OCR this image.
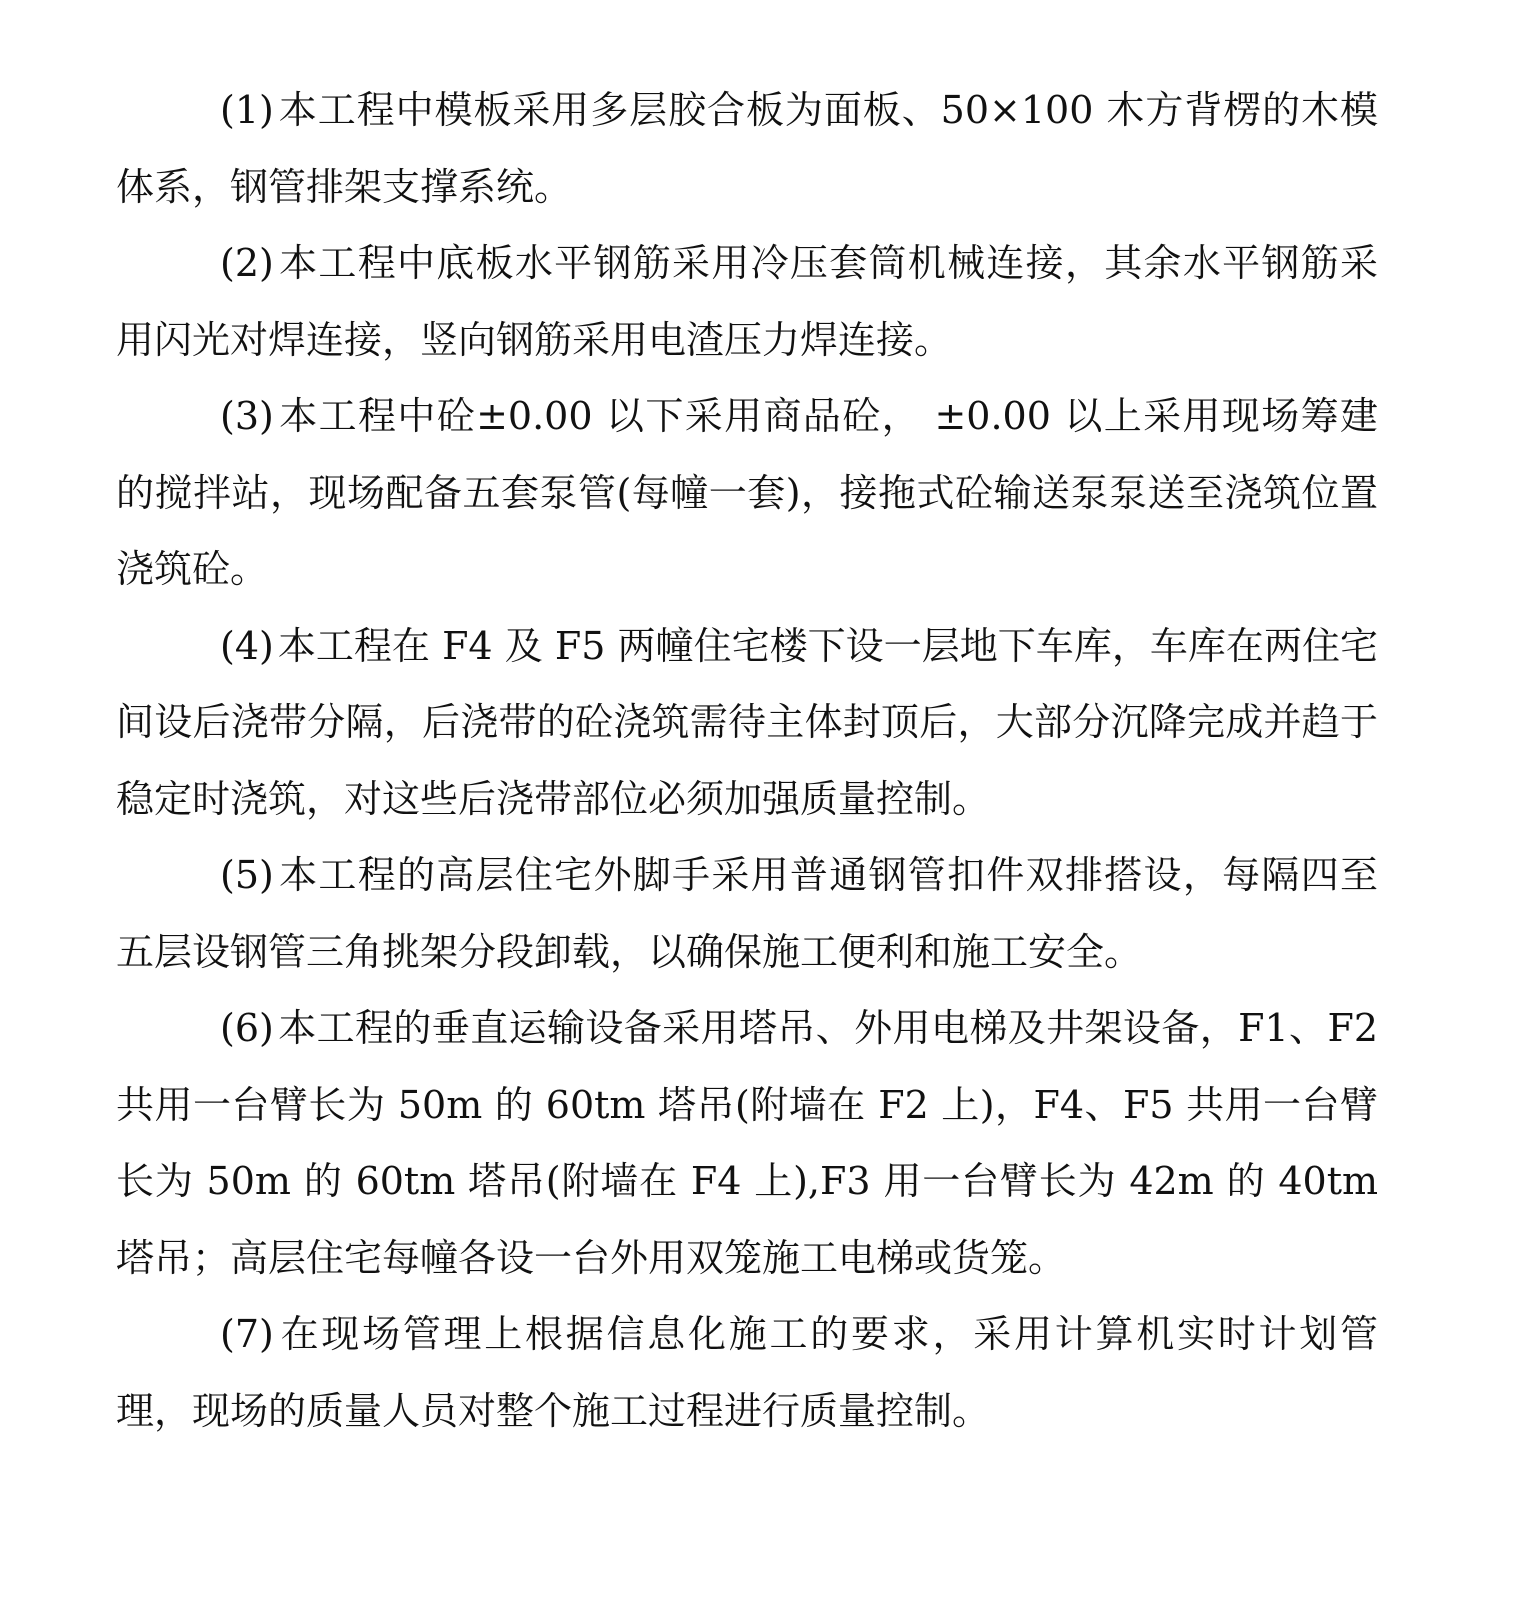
(1) 本工程中模板采用多层胶合板为面板、50×100 木方背楞的木模体系，钢管排架支撑系统。

(2) 本工程中底板水平钢筋采用冷压套筒机械连接，其余水平钢筋采用闪光对焊连接，竖向钢筋采用电渣压力焊连接。

(3) 本工程中砼±0.00 以下采用商品砼， ±0.00 以上采用现场筹建的搅拌站，现场配备五套泵管(每幢一套)，接拖式砼输送泵泵送至浇筑位置浇筑砼。

(4) 本工程在 F4 及 F5 两幢住宅楼下设一层地下车库，车库在两住宅间设后浇带分隔，后浇带的砼浇筑需待主体封顶后，大部分沉降完成并趋于稳定时浇筑，对这些后浇带部位必须加强质量控制。

(5) 本工程的高层住宅外脚手采用普通钢管扣件双排搭设，每隔四至五层设钢管三角挑架分段卸载，以确保施工便利和施工安全。

(6) 本工程的垂直运输设备采用塔吊、外用电梯及井架设备，F1、F2 共用一台臂长为 50m 的 60tm 塔吊(附墙在 F2 上)，F4、F5 共用一台臂长为 50m 的 60tm 塔吊(附墙在 F4 上),F3 用一台臂长为 42m 的 40tm 塔吊；高层住宅每幢各设一台外用双笼施工电梯或货笼。

(7) 在现场管理上根据信息化施工的要求，采用计算机实时计划管理，现场的质量人员对整个施工过程进行质量控制。
